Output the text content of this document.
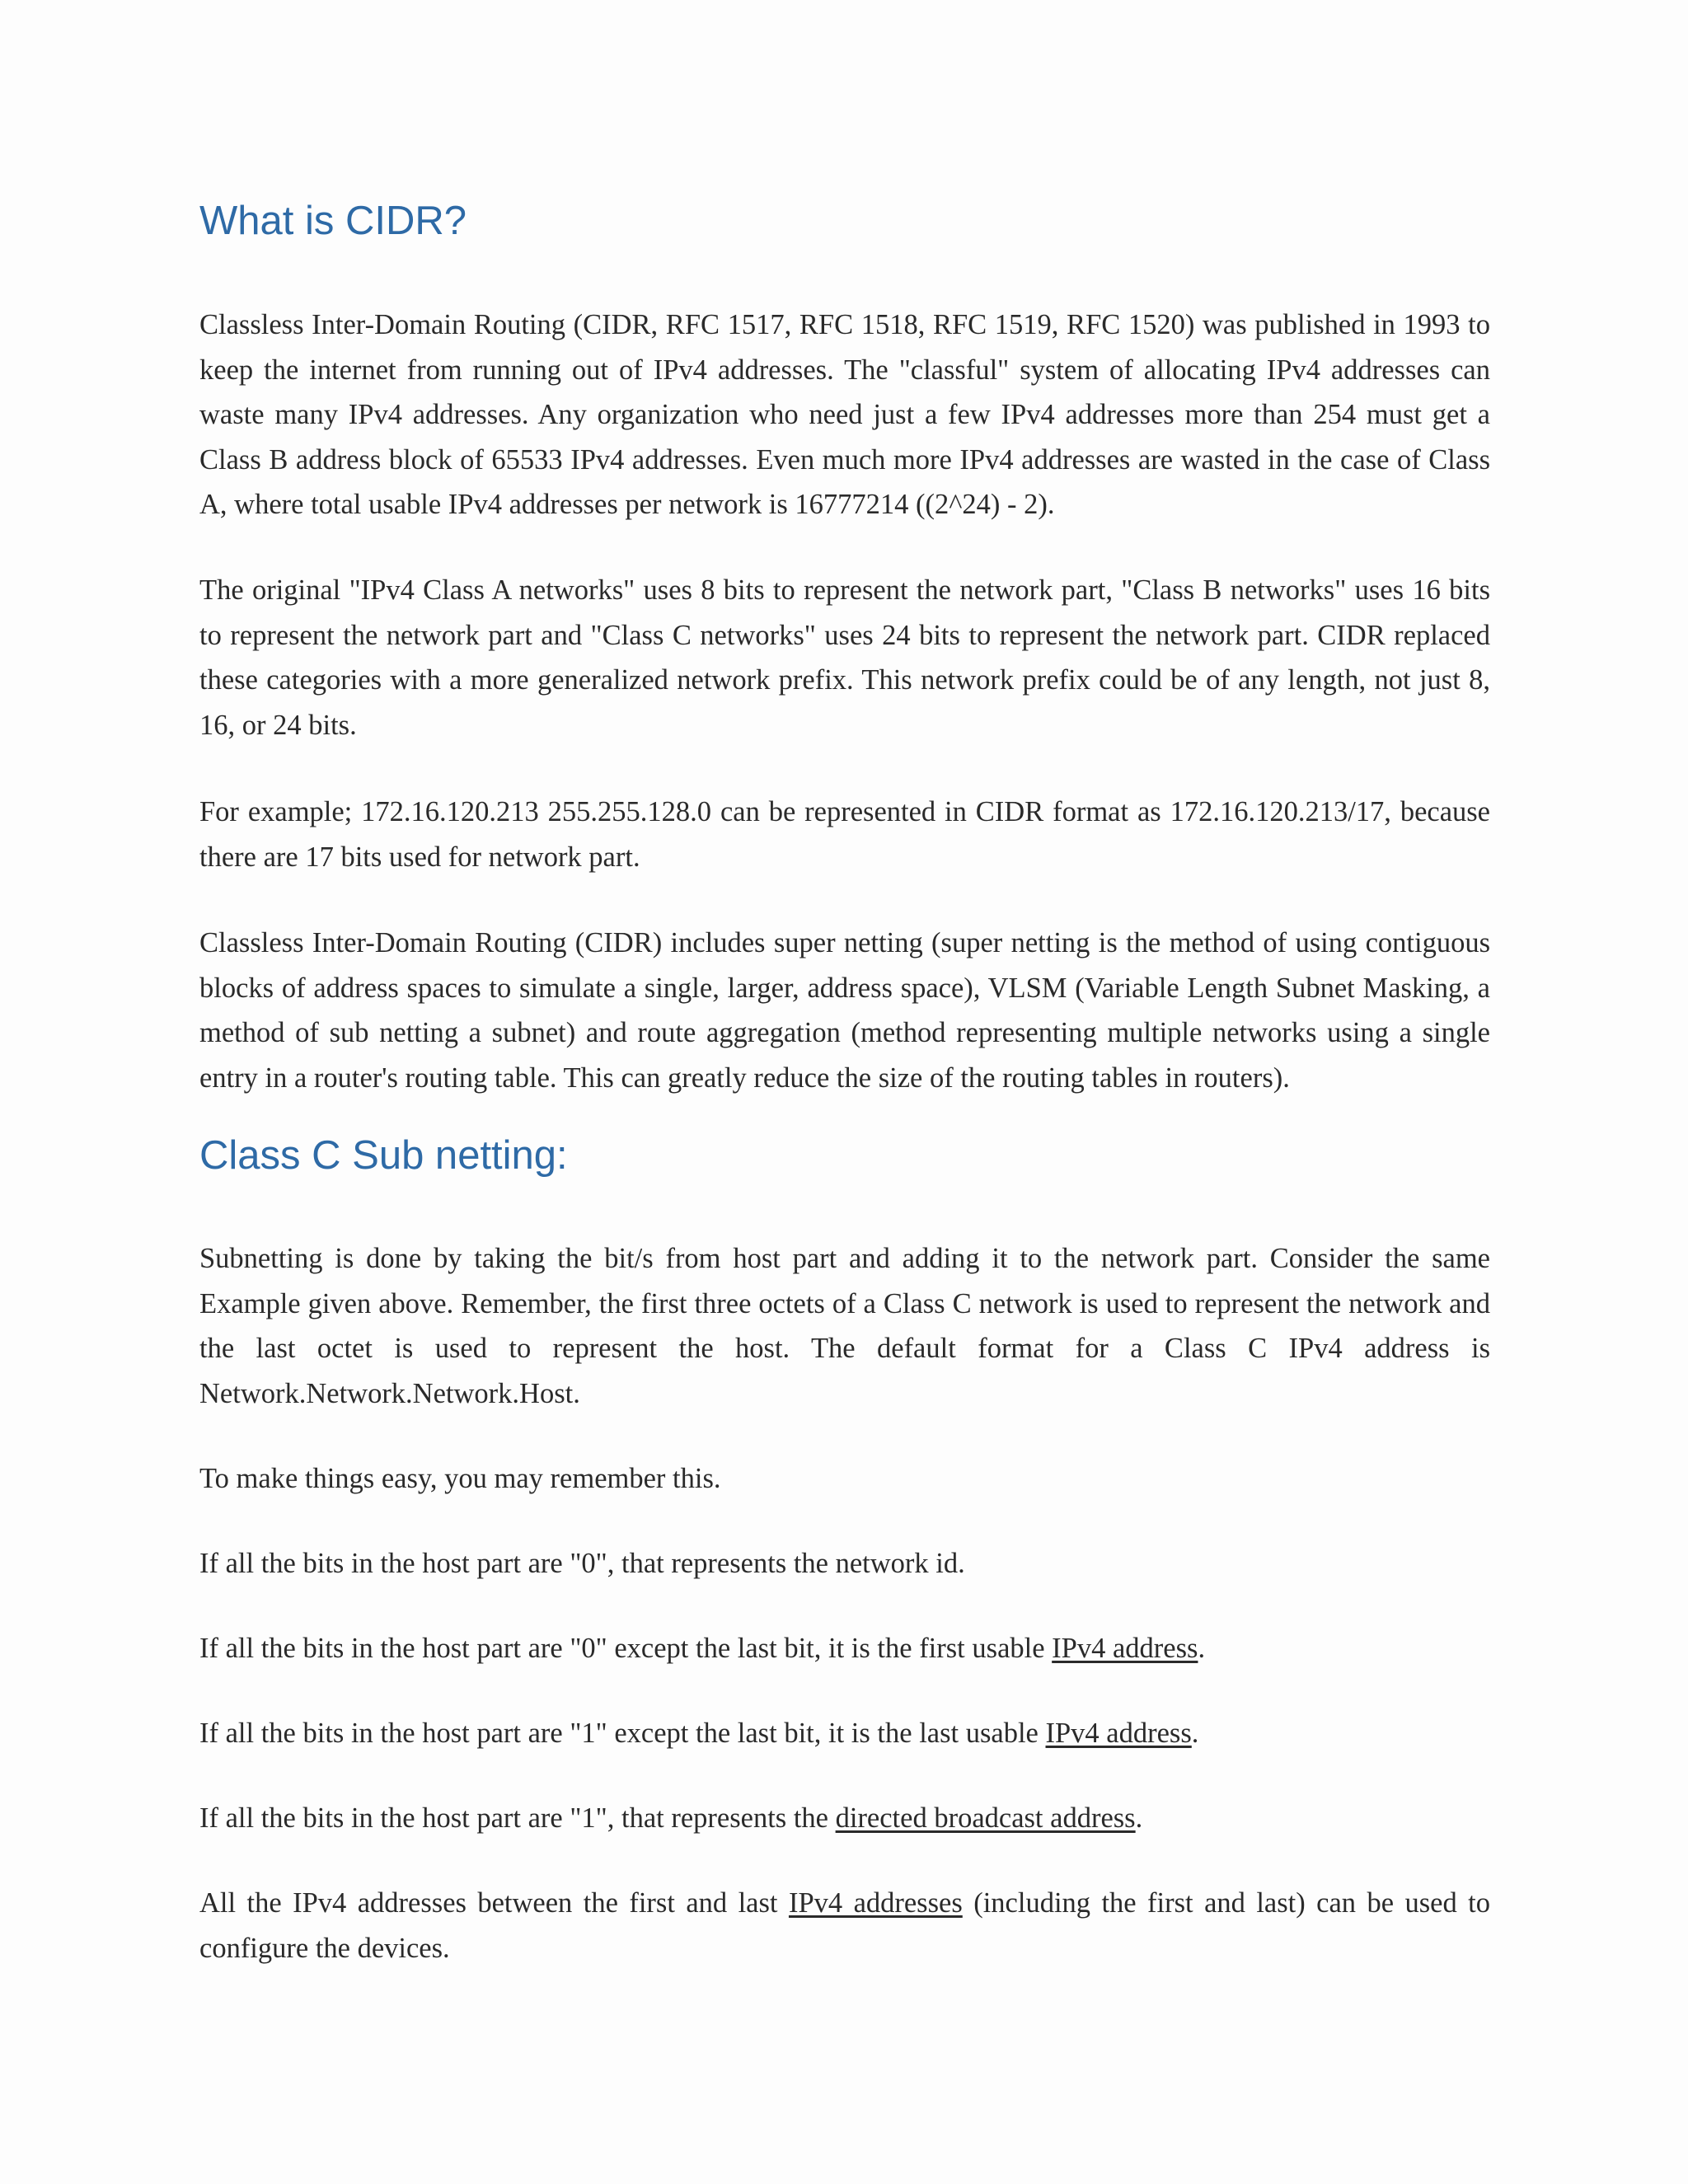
What is CIDR?

Classless Inter-Domain Routing (CIDR, RFC 1517, RFC 1518, RFC 1519, RFC 1520) was published in 1993 to keep the internet from running out of IPv4 addresses. The "classful" system of allocating IPv4 addresses can waste many IPv4 addresses. Any organization who need just a few IPv4 addresses more than 254 must get a Class B address block of 65533 IPv4 addresses. Even much more IPv4 addresses are wasted in the case of Class A, where total usable IPv4 addresses per network is 16777214 ((2^24) - 2).

The original "IPv4 Class A networks" uses 8 bits to represent the network part, "Class B networks" uses 16 bits to represent the network part and "Class C networks" uses 24 bits to represent the network part. CIDR replaced these categories with a more generalized network prefix. This network prefix could be of any length, not just 8, 16, or 24 bits.

For example; 172.16.120.213 255.255.128.0 can be represented in CIDR format as 172.16.120.213/17, because there are 17 bits used for network part.

Classless Inter-Domain Routing (CIDR) includes super netting (super netting is the method of using contiguous blocks of address spaces to simulate a single, larger, address space), VLSM (Variable Length Subnet Masking, a method of sub netting a subnet) and route aggregation (method representing multiple networks using a single entry in a router's routing table. This can greatly reduce the size of the routing tables in routers).

Class C Sub netting:

Subnetting is done by taking the bit/s from host part and adding it to the network part. Consider the same Example given above. Remember, the first three octets of a Class C network is used to represent the network and the last octet is used to represent the host. The default format for a Class C IPv4 address is Network.Network.Network.Host.

To make things easy, you may remember this.

If all the bits in the host part are "0", that represents the network id.

If all the bits in the host part are "0" except the last bit, it is the first usable IPv4 address.

If all the bits in the host part are "1" except the last bit, it is the last usable IPv4 address.

If all the bits in the host part are "1", that represents the directed broadcast address.

All the IPv4 addresses between the first and last IPv4 addresses (including the first and last) can be used to configure the devices.
